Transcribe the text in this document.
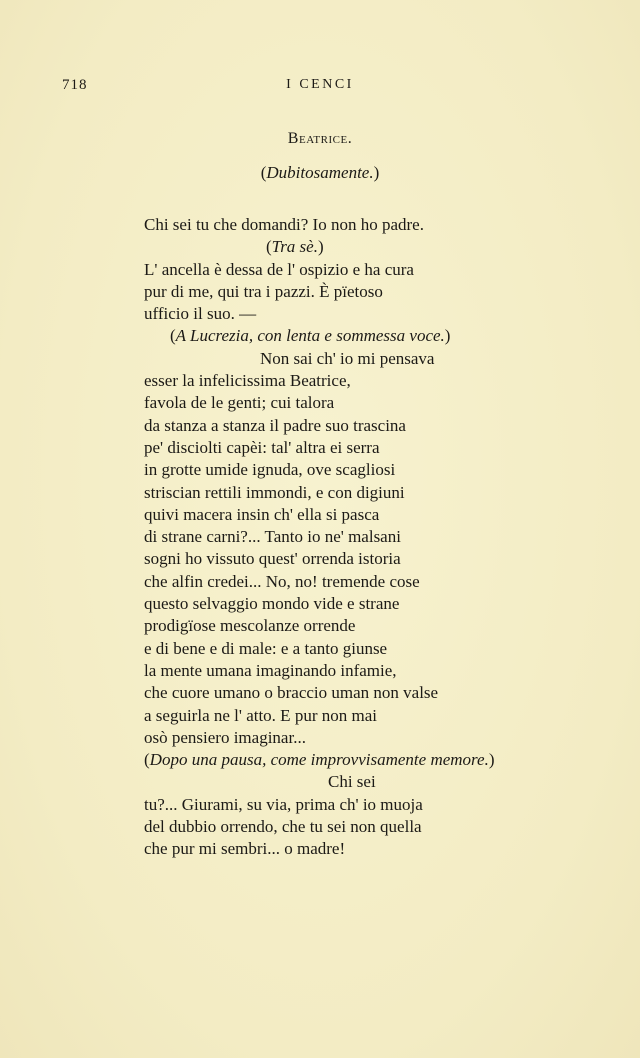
718	I CENCI
Beatrice.
(Dubitosamente.)
Chi sei tu che domandi? Io non ho padre.
(Tra sè.)
L' ancella è dessa de l' ospizio e ha cura
pur di me, qui tra i pazzi. È pïetoso
ufficio il suo. —
(A Lucrezia, con lenta e sommessa voce.)
Non sai ch' io mi pensava
esser la infelicissima Beatrice,
favola de le genti; cui talora
da stanza a stanza il padre suo trascina
pe' disciolti capèi: tal' altra ei serra
in grotte umide ignuda, ove scagliosi
striscian rettili immondi, e con digiuni
quivi macera insin ch' ella si pasca
di strane carni?... Tanto io ne' malsani
sogni ho vissuto quest' orrenda istoria
che alfin credei... No, no! tremende cose
questo selvaggio mondo vide e strane
prodigïose mescolanze orrende
e di bene e di male: e a tanto giunse
la mente umana imaginando infamie,
che cuore umano o braccio uman non valse
a seguirla ne l' atto. E pur non mai
osò pensiero imaginar...
(Dopo una pausa, come improvvisamente memore.)
Chi sei
tu?... Giurami, su via, prima ch' io muoja
del dubbio orrendo, che tu sei non quella
che pur mi sembri... o madre!
